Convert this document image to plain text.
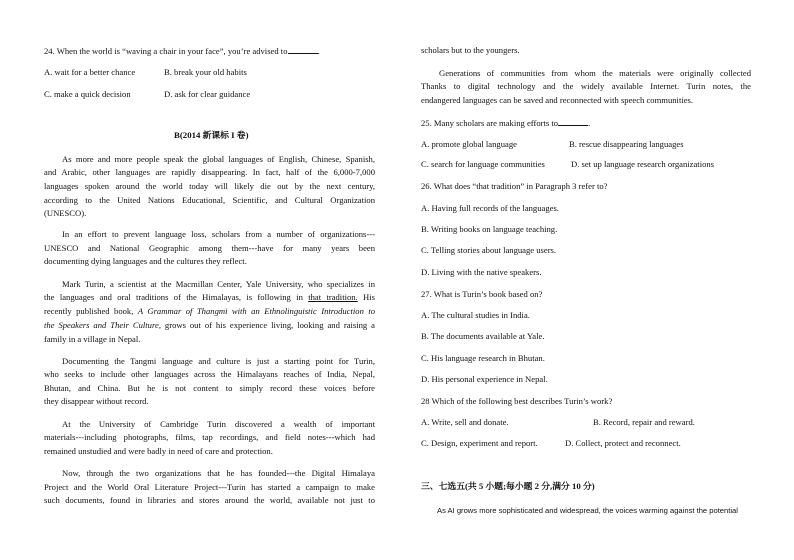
24. When the world is “waving a chair in your face”, you’re advised to	.
A. wait for a better chance	B. break your old habits
C. make a quick decision	D. ask for clear guidance
B(2014 新课标 I 卷)
As more and more people speak the global languages of English, Chinese, Spanish,
and Arabic, other languages are rapidly disappearing. In fact, half of the 6,000-7,000
languages spoken around the world today will likely die out by the next century,
according to the United Nations Educational, Scientific, and Cultural Organization
(UNESCO).
In an effort to prevent language loss, scholars from a number of organizations---
UNESCO and National Geographic among them---have for many years been
documenting dying languages and the cultures they reflect.
Mark Turin, a scientist at the Macmillan Center, Yale University, who specializes in
the languages and oral traditions of the Himalayas, is following in that tradition. His
recently published book, A Grammar of Thangmi with an Ethnolinguistic Introduction to
the Speakers and Their Culture, grows out of his experience living, looking and raising a
family in a village in Nepal.
Documenting the Tangmi language and culture is just a starting point for Turin,
who seeks to include other languages across the Himalayans reaches of India, Nepal,
Bhutan, and China. But he is not content to simply record these voices before
they disappear without record.
At the University of Cambridge Turin discovered a wealth of important
materials---including photographs, films, tap recordings, and field notes---which had
remained unstudied and were badly in need of care and protection.
Now, through the two organizations that he has founded---the Digital Himalaya
Project and the World Oral Literature Project---Turin has started a campaign to make
such documents, found in libraries and stores around the world, available not just to
scholars but to the youngers.
Generations of communities from whom the materials were originally collected
Thanks to digital technology and the widely available Internet. Turin notes, the
endangered languages can be saved and reconnected with speech communities.
25. Many scholars are making efforts to	.
A. promote global language	B. rescue disappearing languages
C. search for language communities	D. set up language research organizations
26. What does “that tradition” in Paragraph 3 refer to?
A. Having full records of the languages.
B. Writing books on language teaching.
C. Telling stories about language users.
D. Living with the native speakers.
27. What is Turin’s book based on?
A. The cultural studies in India.
B. The documents available at Yale.
C. His language research in Bhutan.
D. His personal experience in Nepal.
28 Which of the following best describes Turin’s work?
A. Write, sell and donate.	B. Record, repair and reward.
C. Design, experiment and report.	D. Collect, protect and reconnect.
三、七选五(共 5 小题;每小题 2 分,满分 10 分)
As AI grows more sophisticated and widespread, the voices warming against the potential
